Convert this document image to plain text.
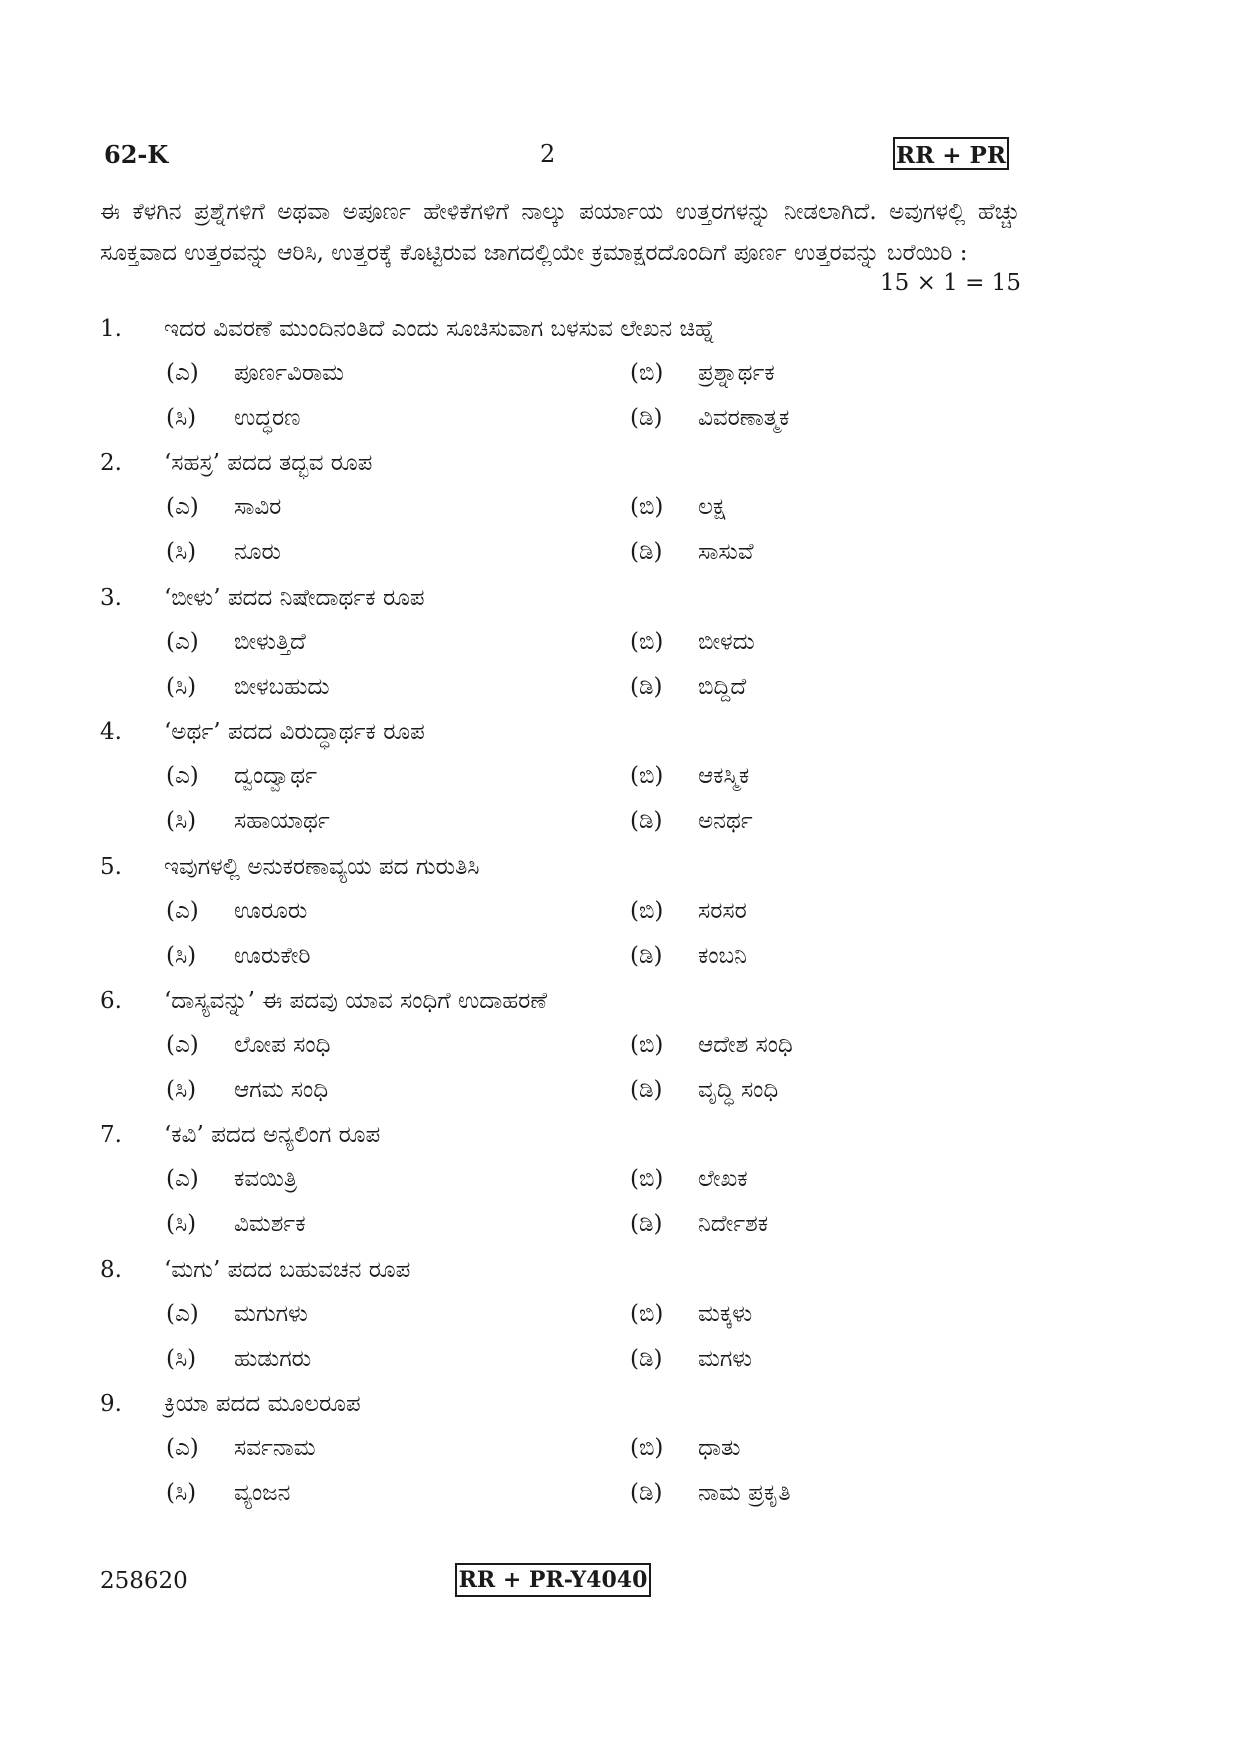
62-K	2	RR + PR
ಈ ಕೆಳಗಿನ ಪ್ರಶ್ನೆಗಳಿಗೆ ಅಥವಾ ಅಪೂರ್ಣ ಹೇಳಿಕೆಗಳಿಗೆ ನಾಲ್ಕು ಪರ್ಯಾಯ ಉತ್ತರಗಳನ್ನು ನೀಡಲಾಗಿದೆ. ಅವುಗಳಲ್ಲಿ ಹೆಚ್ಚು ಸೂಕ್ತವಾದ ಉತ್ತರವನ್ನು ಆರಿಸಿ, ಉತ್ತರಕ್ಕೆ ಕೊಟ್ಟಿರುವ ಜಾಗದಲ್ಲಿಯೇ ಕ್ರಮಾಕ್ಷರದೊಂದಿಗೆ ಪೂರ್ಣ ಉತ್ತರವನ್ನು ಬರೆಯಿರಿ :
15 × 1 = 15
1.	ಇದರ ವಿವರಣೆ ಮುಂದಿನಂತಿದೆ ಎಂದು ಸೂಚಿಸುವಾಗ ಬಳಸುವ ಲೇಖನ ಚಿಹ್ನೆ
(ಎ) ಪೂರ್ಣವಿರಾಮ	(ಬಿ) ಪ್ರಶ್ನಾರ್ಥಕ
(ಸಿ) ಉದ್ಧರಣ	(ಡಿ) ವಿವರಣಾತ್ಮಕ
2.	‘ಸಹಸ್ರ’ ಪದದ ತದ್ಭವ ರೂಪ
(ಎ) ಸಾವಿರ	(ಬಿ) ಲಕ್ಷ
(ಸಿ) ನೂರು	(ಡಿ) ಸಾಸುವೆ
3.	‘ಬೀಳು’ ಪದದ ನಿಷೇದಾರ್ಥಕ ರೂಪ
(ಎ) ಬೀಳುತ್ತಿದೆ	(ಬಿ) ಬೀಳದು
(ಸಿ) ಬೀಳಬಹುದು	(ಡಿ) ಬಿದ್ದಿದೆ
4.	‘ಅರ್ಥ’ ಪದದ ವಿರುದ್ಧಾರ್ಥಕ ರೂಪ
(ಎ) ದ್ವಂದ್ವಾರ್ಥ	(ಬಿ) ಆಕಸ್ಮಿಕ
(ಸಿ) ಸಹಾಯಾರ್ಥ	(ಡಿ) ಅನರ್ಥ
5.	ಇವುಗಳಲ್ಲಿ ಅನುಕರಣಾವ್ಯಯ ಪದ ಗುರುತಿಸಿ
(ಎ) ಊರೂರು	(ಬಿ) ಸರಸರ
(ಸಿ) ಊರುಕೇರಿ	(ಡಿ) ಕಂಬನಿ
6.	‘ದಾಸ್ಯವನ್ನು’ ಈ ಪದವು ಯಾವ ಸಂಧಿಗೆ ಉದಾಹರಣೆ
(ಎ) ಲೋಪ ಸಂಧಿ	(ಬಿ) ಆದೇಶ ಸಂಧಿ
(ಸಿ) ಆಗಮ ಸಂಧಿ	(ಡಿ) ವೃದ್ಧಿ ಸಂಧಿ
7.	‘ಕವಿ’ ಪದದ ಅನ್ಯಲಿಂಗ ರೂಪ
(ಎ) ಕವಯಿತ್ರಿ	(ಬಿ) ಲೇಖಕ
(ಸಿ) ವಿಮರ್ಶಕ	(ಡಿ) ನಿರ್ದೇಶಕ
8.	‘ಮಗು’ ಪದದ ಬಹುವಚನ ರೂಪ
(ಎ) ಮಗುಗಳು	(ಬಿ) ಮಕ್ಕಳು
(ಸಿ) ಹುಡುಗರು	(ಡಿ) ಮಗಳು
9.	ಕ್ರಿಯಾ ಪದದ ಮೂಲರೂಪ
(ಎ) ಸರ್ವನಾಮ	(ಬಿ) ಧಾತು
(ಸಿ) ವ್ಯಂಜನ	(ಡಿ) ನಾಮ ಪ್ರಕೃತಿ
258620	RR + PR-Y4040
